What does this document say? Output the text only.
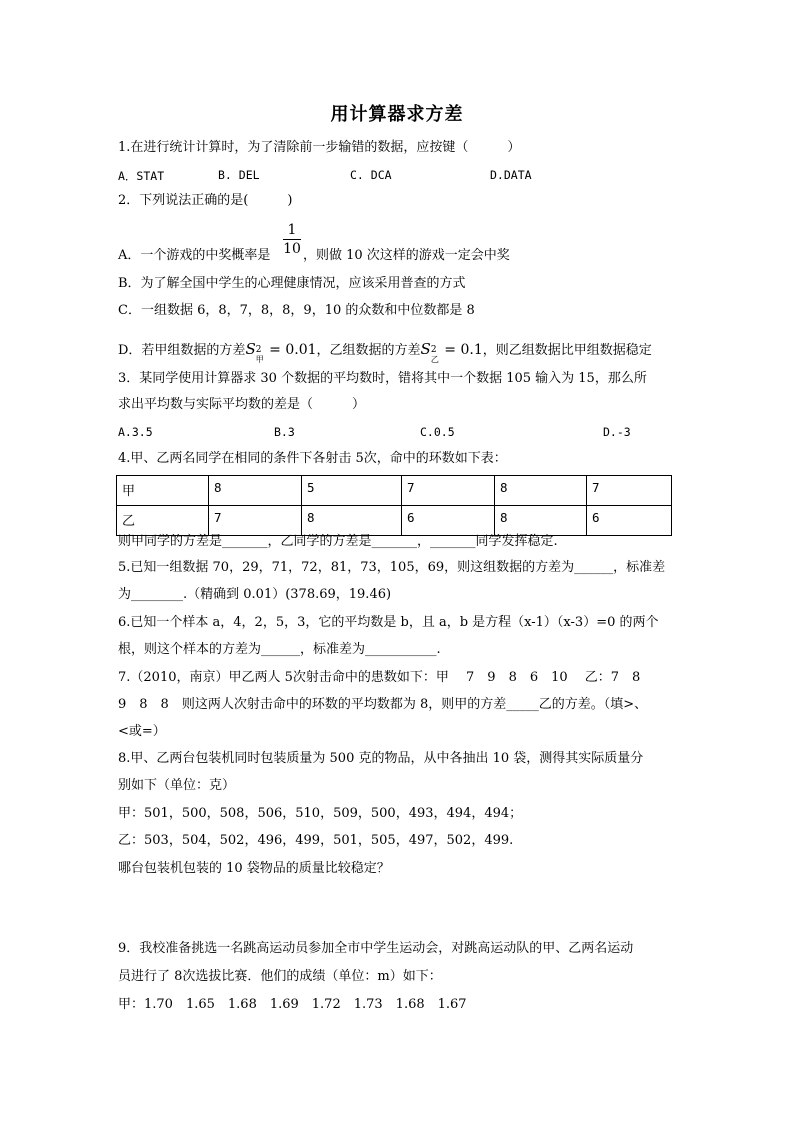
用计算器求方差
1.在进行统计计算时，为了清除前一步输错的数据，应按键（　　　）
A．STAT	B. DEL	C. DCA	D.DATA
2．下列说法正确的是(　　　)
1
10
A．一个游戏的中奖概率是	，则做 10 次这样的游戏一定会中奖
B．为了解全国中学生的心理健康情况，应该采用普查的方式
C．一组数据 6，8，7，8，8，9，10 的众数和中位数都是 8
D．若甲组数据的方差S 2
甲
= 0.01，乙组数据的方差S 2
乙
= 0.1，则乙组数据比甲组数据稳定
3．某同学使用计算器求 30 个数据的平均数时，错将其中一个数据 105 输入为 15，那么所
求出平均数与实际平均数的差是（　　　）
A.3.5	B.3	C.0.5	D.-3
4.甲、乙两名同学在相同的条件下各射击 5次，命中的环数如下表：
甲	8	5	7	8	7
乙	7	8	6	8	6
则甲同学的方差是_______，乙同学的方差是_______，_______同学发挥稳定.
5.已知一组数据 70，29，71，72，81，73，105，69，则这组数据的方差为______，标准差
为________.（精确到 0.01）(378.69，19.46)
6.已知一个样本 a，4，2，5，3，它的平均数是 b，且 a，b 是方程（x-1）（x-3）=0 的两个
根，则这个样本的方差为______，标准差为___________.
7.（2010，南京）甲乙两人 5次射击命中的患数如下：甲　 7　9　8　6　10　 乙：7　8
9　8　8　则这两人次射击命中的环数的平均数都为 8，则甲的方差_____乙的方差。（填>、
<或=）
8.甲、乙两台包装机同时包装质量为 500 克的物品，从中各抽出 10 袋，测得其实际质量分
别如下（单位：克）
甲：501，500，508，506，510，509，500，493，494，494；
乙：503，504，502，496，499，501，505，497，502，499.
哪台包装机包装的 10 袋物品的质量比较稳定？
9．我校准备挑选一名跳高运动员参加全市中学生运动会，对跳高运动队的甲、乙两名运动
员进行了 8次选拔比赛．他们的成绩（单位：m）如下：
甲：1.70　1.65　1.68　1.69　1.72　1.73　1.68　1.67
